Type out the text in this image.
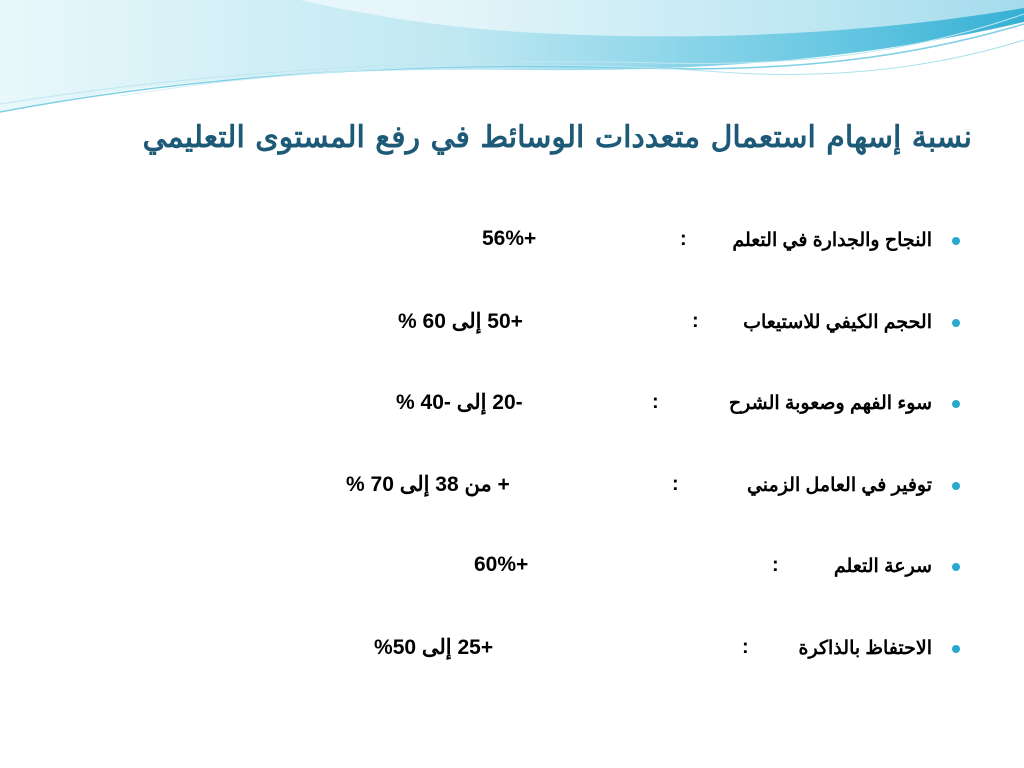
نسبة إسهام استعمال متعددات الوسائط في رفع المستوى التعليمي
النجاح والجدارة في التعلم
:
+56%
الحجم الكيفي للاستيعاب
:
+50 إلى 60 %
سوء الفهم وصعوبة الشرح
:
-20 إلى -40 %
توفير في العامل الزمني
:
+ من 38 إلى 70 %
سرعة التعلم
:
+60%
الاحتفاظ بالذاكرة
:
+25 إلى 50%
